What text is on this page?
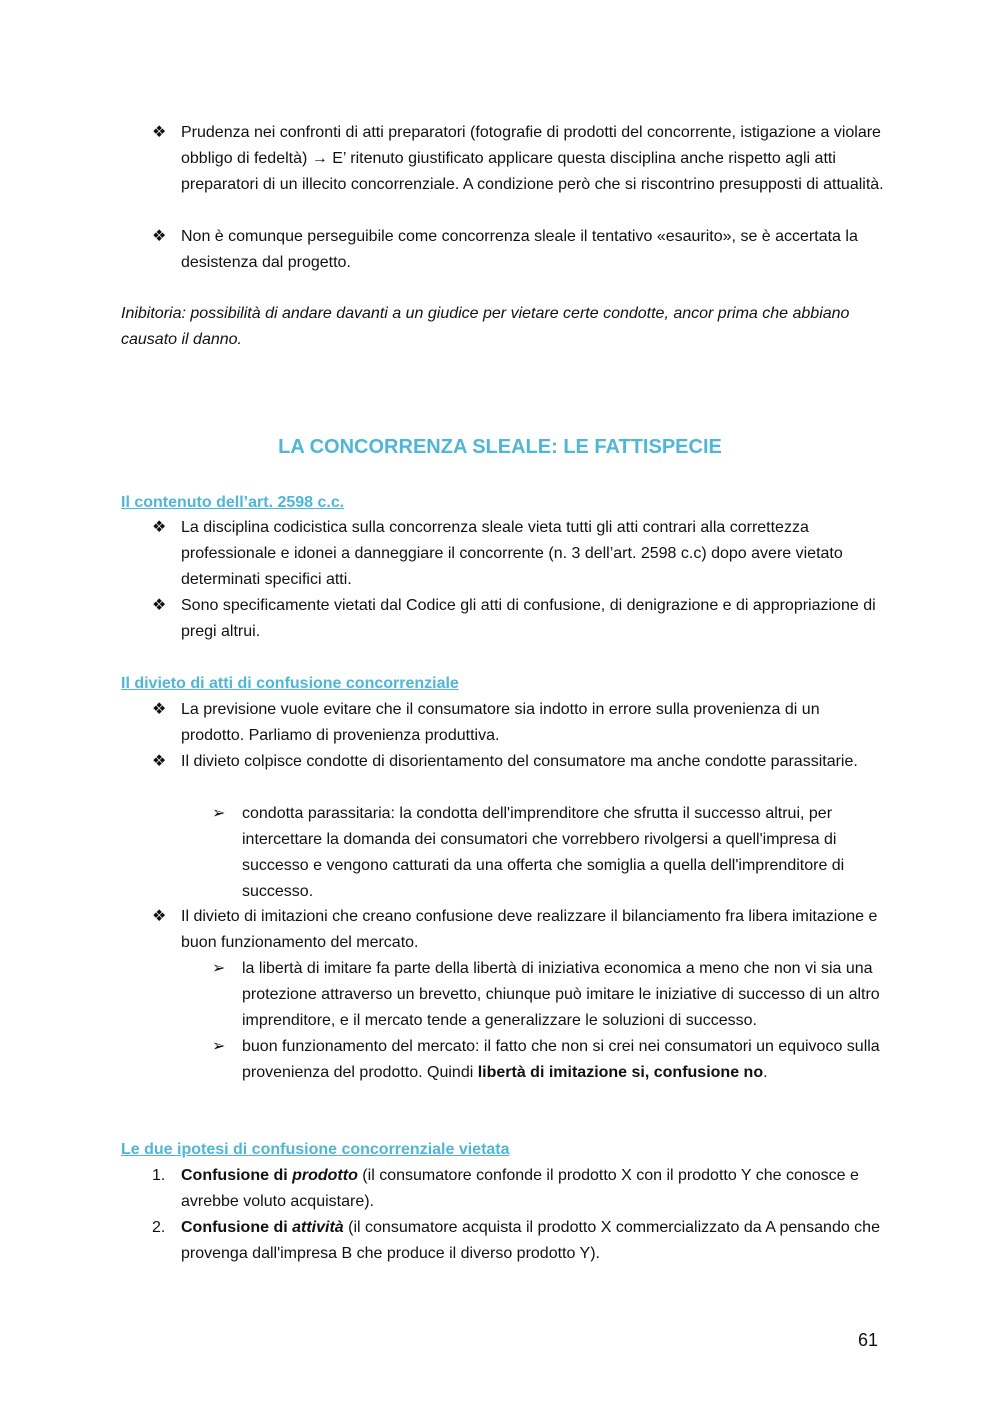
❖ Prudenza nei confronti di atti preparatori (fotografie di prodotti del concorrente, istigazione a violare obbligo di fedeltà) → E’ ritenuto giustificato applicare questa disciplina anche rispetto agli atti preparatori di un illecito concorrenziale. A condizione però che si riscontrino presupposti di attualità.
❖ Non è comunque perseguibile come concorrenza sleale il tentativo «esaurito», se è accertata la desistenza dal progetto.
Inibitoria: possibilità di andare davanti a un giudice per vietare certe condotte, ancor prima che abbiano causato il danno.
LA CONCORRENZA SLEALE: LE FATTISPECIE
Il contenuto dell’art. 2598 c.c.
❖ La disciplina codicistica sulla concorrenza sleale vieta tutti gli atti contrari alla correttezza professionale e idonei a danneggiare il concorrente (n. 3 dell’art. 2598 c.c) dopo avere vietato determinati specifici atti.
❖ Sono specificamente vietati dal Codice gli atti di confusione, di denigrazione e di appropriazione di pregi altrui.
Il divieto di atti di confusione concorrenziale
❖ La previsione vuole evitare che il consumatore sia indotto in errore sulla provenienza di un prodotto. Parliamo di provenienza produttiva.
❖ Il divieto colpisce condotte di disorientamento del consumatore ma anche condotte parassitarie.
➢ condotta parassitaria: la condotta dell'imprenditore che sfrutta il successo altrui, per intercettare la domanda dei consumatori che vorrebbero rivolgersi a quell'impresa di successo e vengono catturati da una offerta che somiglia a quella dell'imprenditore di successo.
❖ Il divieto di imitazioni che creano confusione deve realizzare il bilanciamento fra libera imitazione e buon funzionamento del mercato.
➢ la libertà di imitare fa parte della libertà di iniziativa economica a meno che non vi sia una protezione attraverso un brevetto, chiunque può imitare le iniziative di successo di un altro imprenditore, e il mercato tende a generalizzare le soluzioni di successo.
➢ buon funzionamento del mercato: il fatto che non si crei nei consumatori un equivoco sulla provenienza del prodotto. Quindi libertà di imitazione si, confusione no.
Le due ipotesi di confusione concorrenziale vietata
1. Confusione di prodotto (il consumatore confonde il prodotto X con il prodotto Y che conosce e avrebbe voluto acquistare).
2. Confusione di attività (il consumatore acquista il prodotto X commercializzato da A pensando che provenga dall'impresa B che produce il diverso prodotto Y).
61
